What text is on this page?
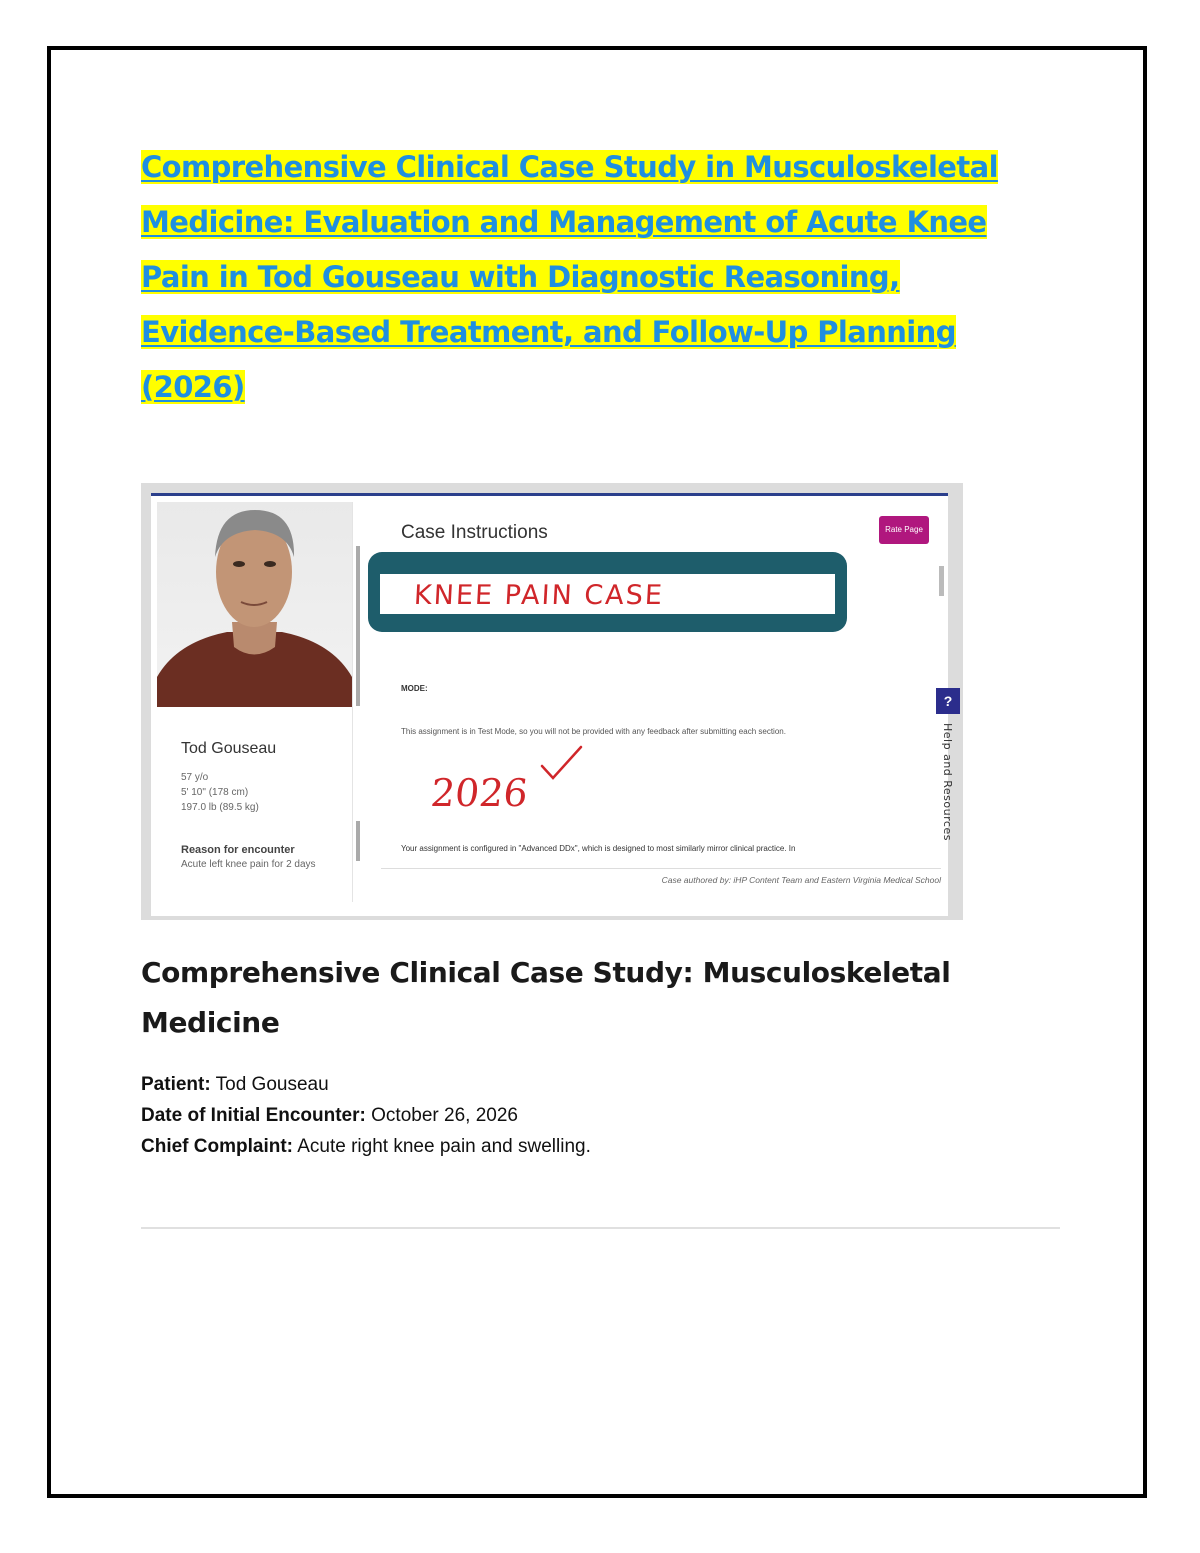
Comprehensive Clinical Case Study in Musculoskeletal Medicine: Evaluation and Management of Acute Knee Pain in Tod Gouseau with Diagnostic Reasoning, Evidence-Based Treatment, and Follow-Up Planning (2026)
Tod Gouseau
57 y/o
5' 10" (178 cm)
197.0 lb (89.5 kg)
Reason for encounter
Acute left knee pain for 2 days
Case Instructions	Rate Page
MODE:
This assignment is in Test Mode, so you will not be provided with any feedback after submitting each section.
Your assignment is configured in "Advanced DDx", which is designed to most similarly mirror clinical practice. In
Case authored by: iHP Content Team and Eastern Virginia Medical School
KNEE PAIN CASE
2026
?
Help and Resources
Comprehensive Clinical Case Study: Musculoskeletal Medicine
Patient: Tod Gouseau
Date of Initial Encounter: October 26, 2026
Chief Complaint: Acute right knee pain and swelling.
